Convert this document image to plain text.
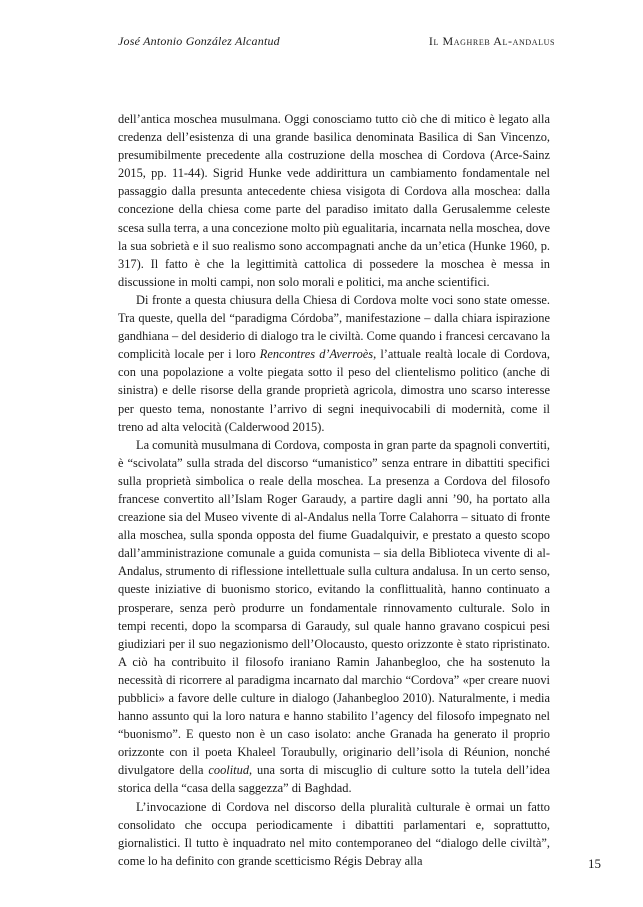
José Antonio González Alcantud	Il Maghreb Al-andalus

dell’antica moschea musulmana. Oggi conosciamo tutto ciò che di mitico è legato alla credenza dell’esistenza di una grande basilica denominata Basilica di San Vincenzo, presumibilmente precedente alla costruzione della moschea di Cordova (Arce-Sainz 2015, pp. 11-44). Sigrid Hunke vede addirittura un cambiamento fondamentale nel passaggio dalla presunta antecedente chiesa visigota di Cordova alla moschea: dalla concezione della chiesa come parte del paradiso imitato dalla Gerusalemme celeste scesa sulla terra, a una concezione molto più egualitaria, incarnata nella moschea, dove la sua sobrietà e il suo realismo sono accompagnati anche da un’etica (Hunke 1960, p. 317). Il fatto è che la legittimità cattolica di possedere la moschea è messa in discussione in molti campi, non solo morali e politici, ma anche scientifici.

Di fronte a questa chiusura della Chiesa di Cordova molte voci sono state omesse. Tra queste, quella del “paradigma Córdoba”, manifestazione – dalla chiara ispirazione gandhiana – del desiderio di dialogo tra le civiltà. Come quando i francesi cercavano la complicità locale per i loro Rencontres d’Averroès, l’attuale realtà locale di Cordova, con una popolazione a volte piegata sotto il peso del clientelismo politico (anche di sinistra) e delle risorse della grande proprietà agricola, dimostra uno scarso interesse per questo tema, nonostante l’arrivo di segni inequivocabili di modernità, come il treno ad alta velocità (Calderwood 2015).

La comunità musulmana di Cordova, composta in gran parte da spagnoli convertiti, è “scivolata” sulla strada del discorso “umanistico” senza entrare in dibattiti specifici sulla proprietà simbolica o reale della moschea. La presenza a Cordova del filosofo francese convertito all’Islam Roger Garaudy, a partire dagli anni ’90, ha portato alla creazione sia del Museo vivente di al-Andalus nella Torre Calahorra – situato di fronte alla moschea, sulla sponda opposta del fiume Guadalquivir, e prestato a questo scopo dall’amministrazione comunale a guida comunista – sia della Biblioteca vivente di al-Andalus, strumento di riflessione intellettuale sulla cultura andalusa. In un certo senso, queste iniziative di buonismo storico, evitando la conflittualità, hanno continuato a prosperare, senza però produrre un fondamentale rinnovamento culturale. Solo in tempi recenti, dopo la scomparsa di Garaudy, sul quale hanno gravano cospicui pesi giudiziari per il suo negazionismo dell’Olocausto, questo orizzonte è stato ripristinato. A ciò ha contribuito il filosofo iraniano Ramin Jahanbegloo, che ha sostenuto la necessità di ricorrere al paradigma incarnato dal marchio “Cordova” «per creare nuovi pubblici» a favore delle culture in dialogo (Jahanbegloo 2010). Naturalmente, i media hanno assunto qui la loro natura e hanno stabilito l’agency del filosofo impegnato nel “buonismo”. E questo non è un caso isolato: anche Granada ha generato il proprio orizzonte con il poeta Khaleel Toraubully, originario dell’isola di Réunion, nonché divulgatore della coolitud, una sorta di miscuglio di culture sotto la tutela dell’idea storica della “casa della saggezza” di Baghdad.

L’invocazione di Cordova nel discorso della pluralità culturale è ormai un fatto consolidato che occupa periodicamente i dibattiti parlamentari e, soprattutto, giornalistici. Il tutto è inquadrato nel mito contemporaneo del “dialogo delle civiltà”, come lo ha definito con grande scetticismo Régis Debray alla	15
